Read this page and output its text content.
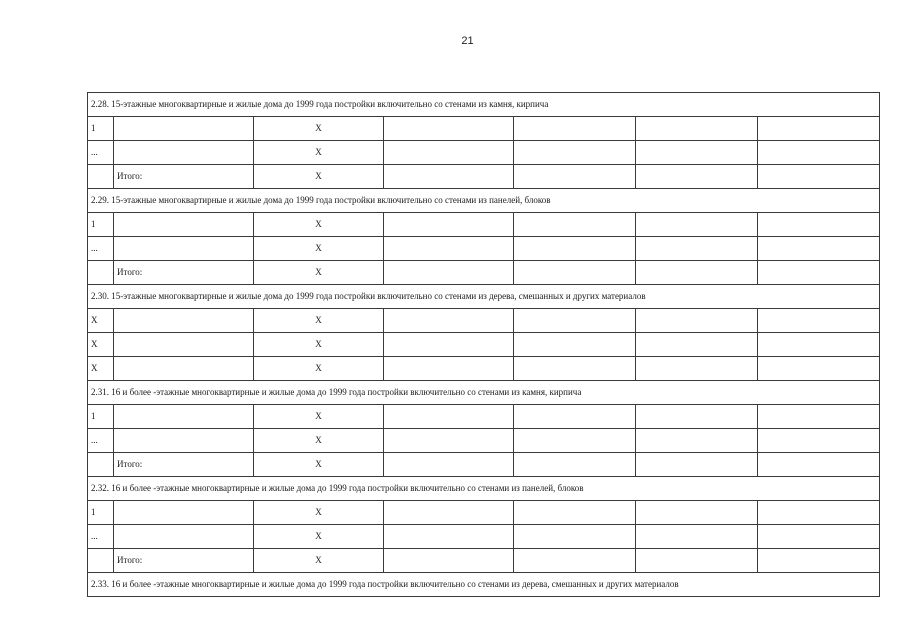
21
2.28. 15-этажные многоквартирные и жилые дома до 1999 года постройки включительно со стенами из камня, кирпича						
1		X				
...		X				
	Итого:	X				
2.29. 15-этажные многоквартирные и жилые дома до 1999 года постройки включительно со стенами из панелей, блоков						
1		X				
...		X				
	Итого:	X				
2.30. 15-этажные многоквартирные и жилые дома до 1999 года постройки включительно со стенами из дерева, смешанных и других материалов						
X		X				
X		X				
X		X				
2.31. 16 и более -этажные многоквартирные и жилые дома до 1999 года постройки включительно со стенами из камня, кирпича						
1		X				
...		X				
	Итого:	X				
2.32. 16 и более -этажные многоквартирные и жилые дома до 1999 года постройки включительно со стенами из панелей, блоков						
1		X				
...		X				
	Итого:	X				
2.33. 16 и более -этажные многоквартирные и жилые дома до 1999 года постройки включительно со стенами из дерева, смешанных и других материалов						
